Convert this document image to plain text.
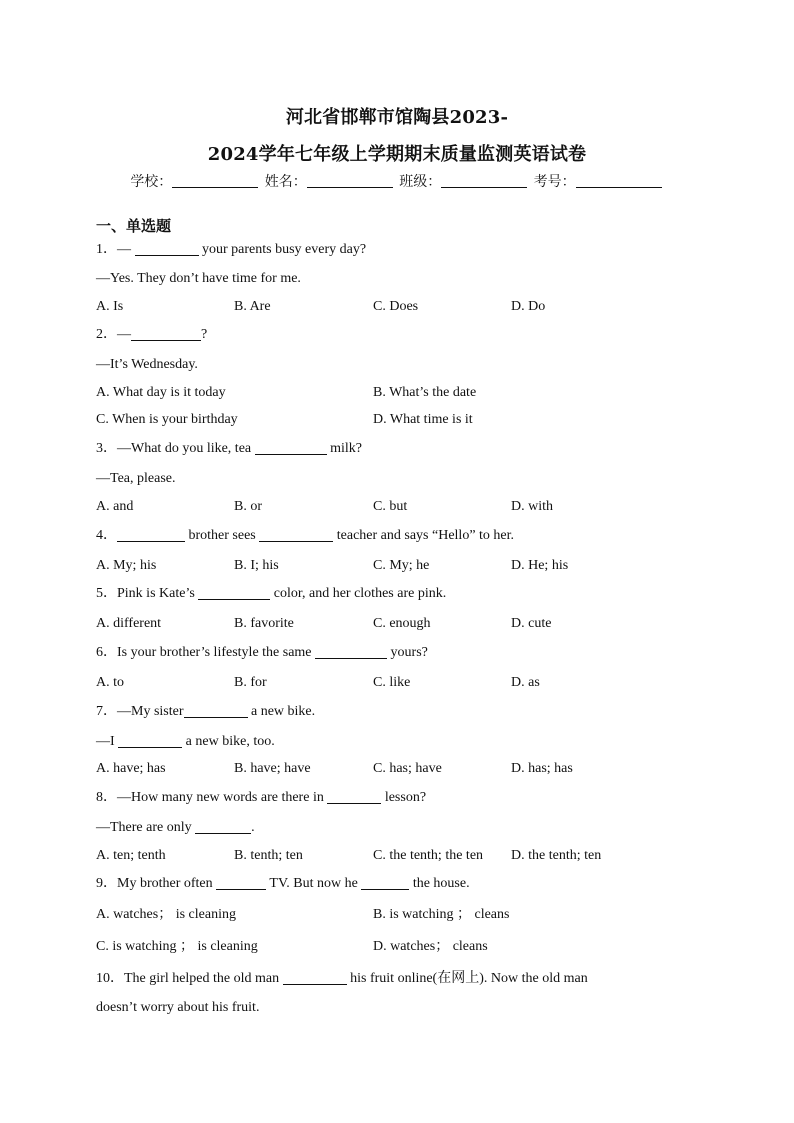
河北省邯郸市馆陶县2023-
2024学年七年级上学期期末质量监测英语试卷
学校：	姓名：	班级：	考号：
一、单选题
1．—	your parents busy every day?
—Yes. They don’t have time for me.
A. Is	B. Are	C. Does	D. Do
2．—	?
—It’s Wednesday.
A. What day is it today	B. What’s the date
C. When is your birthday	D. What time is it
3．—What do you like, tea	milk?
—Tea, please.
A. and	B. or	C. but	D. with
4．	brother sees	teacher and says “Hello” to her.
A. My; his	B. I; his	C. My; he	D. He; his
5．Pink is Kate’s	color, and her clothes are pink.
A. different	B. favorite	C. enough	D. cute
6．Is your brother’s lifestyle the same	yours?
A. to	B. for	C. like	D. as
7．—My sister	a new bike.
—I	a new bike, too.
A. have; has	B. have; have	C. has; have	D. has; has
8．—How many new words are there in	lesson?
—There are only	.
A. ten; tenth	B. tenth; ten	C. the tenth; the ten D. the tenth; ten
9．My brother often	TV. But now he	the house.
A. watches； is cleaning	B. is watching ； cleans
C. is watching ； is cleaning	D. watches； cleans
10．The girl helped the old man	his fruit online(在网上). Now the old man
doesn’t worry about his fruit.
